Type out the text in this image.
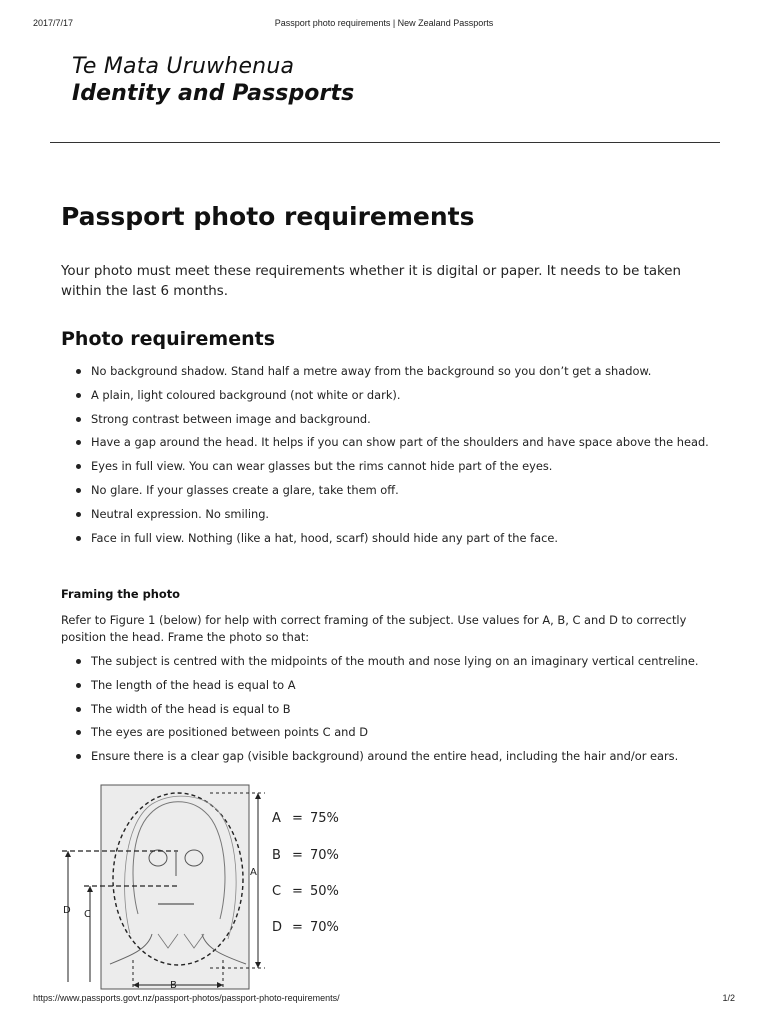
2017/7/17	Passport photo requirements | New Zealand Passports
Te Mata Uruwhenua
Identity and Passports
Passport photo requirements

Your photo must meet these requirements whether it is digital or paper. It needs to be taken within the last 6 months.

Photo requirements
No background shadow. Stand half a metre away from the background so you don’t get a shadow.
A plain, light coloured background (not white or dark).
Strong contrast between image and background.
Have a gap around the head. It helps if you can show part of the shoulders and have space above the head.
Eyes in full view. You can wear glasses but the rims cannot hide part of the eyes.
No glare. If your glasses create a glare, take them off.
Neutral expression. No smiling.
Face in full view. Nothing (like a hat, hood, scarf) should hide any part of the face.
Framing the photo

Refer to Figure 1 (below) for help with correct framing of the subject. Use values for A, B, C and D to correctly position the head. Frame the photo so that:

The subject is centred with the midpoints of the mouth and nose lying on an imaginary vertical centreline.
The length of the head is equal to A
The width of the head is equal to B
The eyes are positioned between points C and D
Ensure there is a clear gap (visible background) around the entire head, including the hair and/or ears.
A
D C
B
A = 75%
B = 70%
C = 50%
D = 70%
https://www.passports.govt.nz/passport-photos/passport-photo-requirements/	1/2
